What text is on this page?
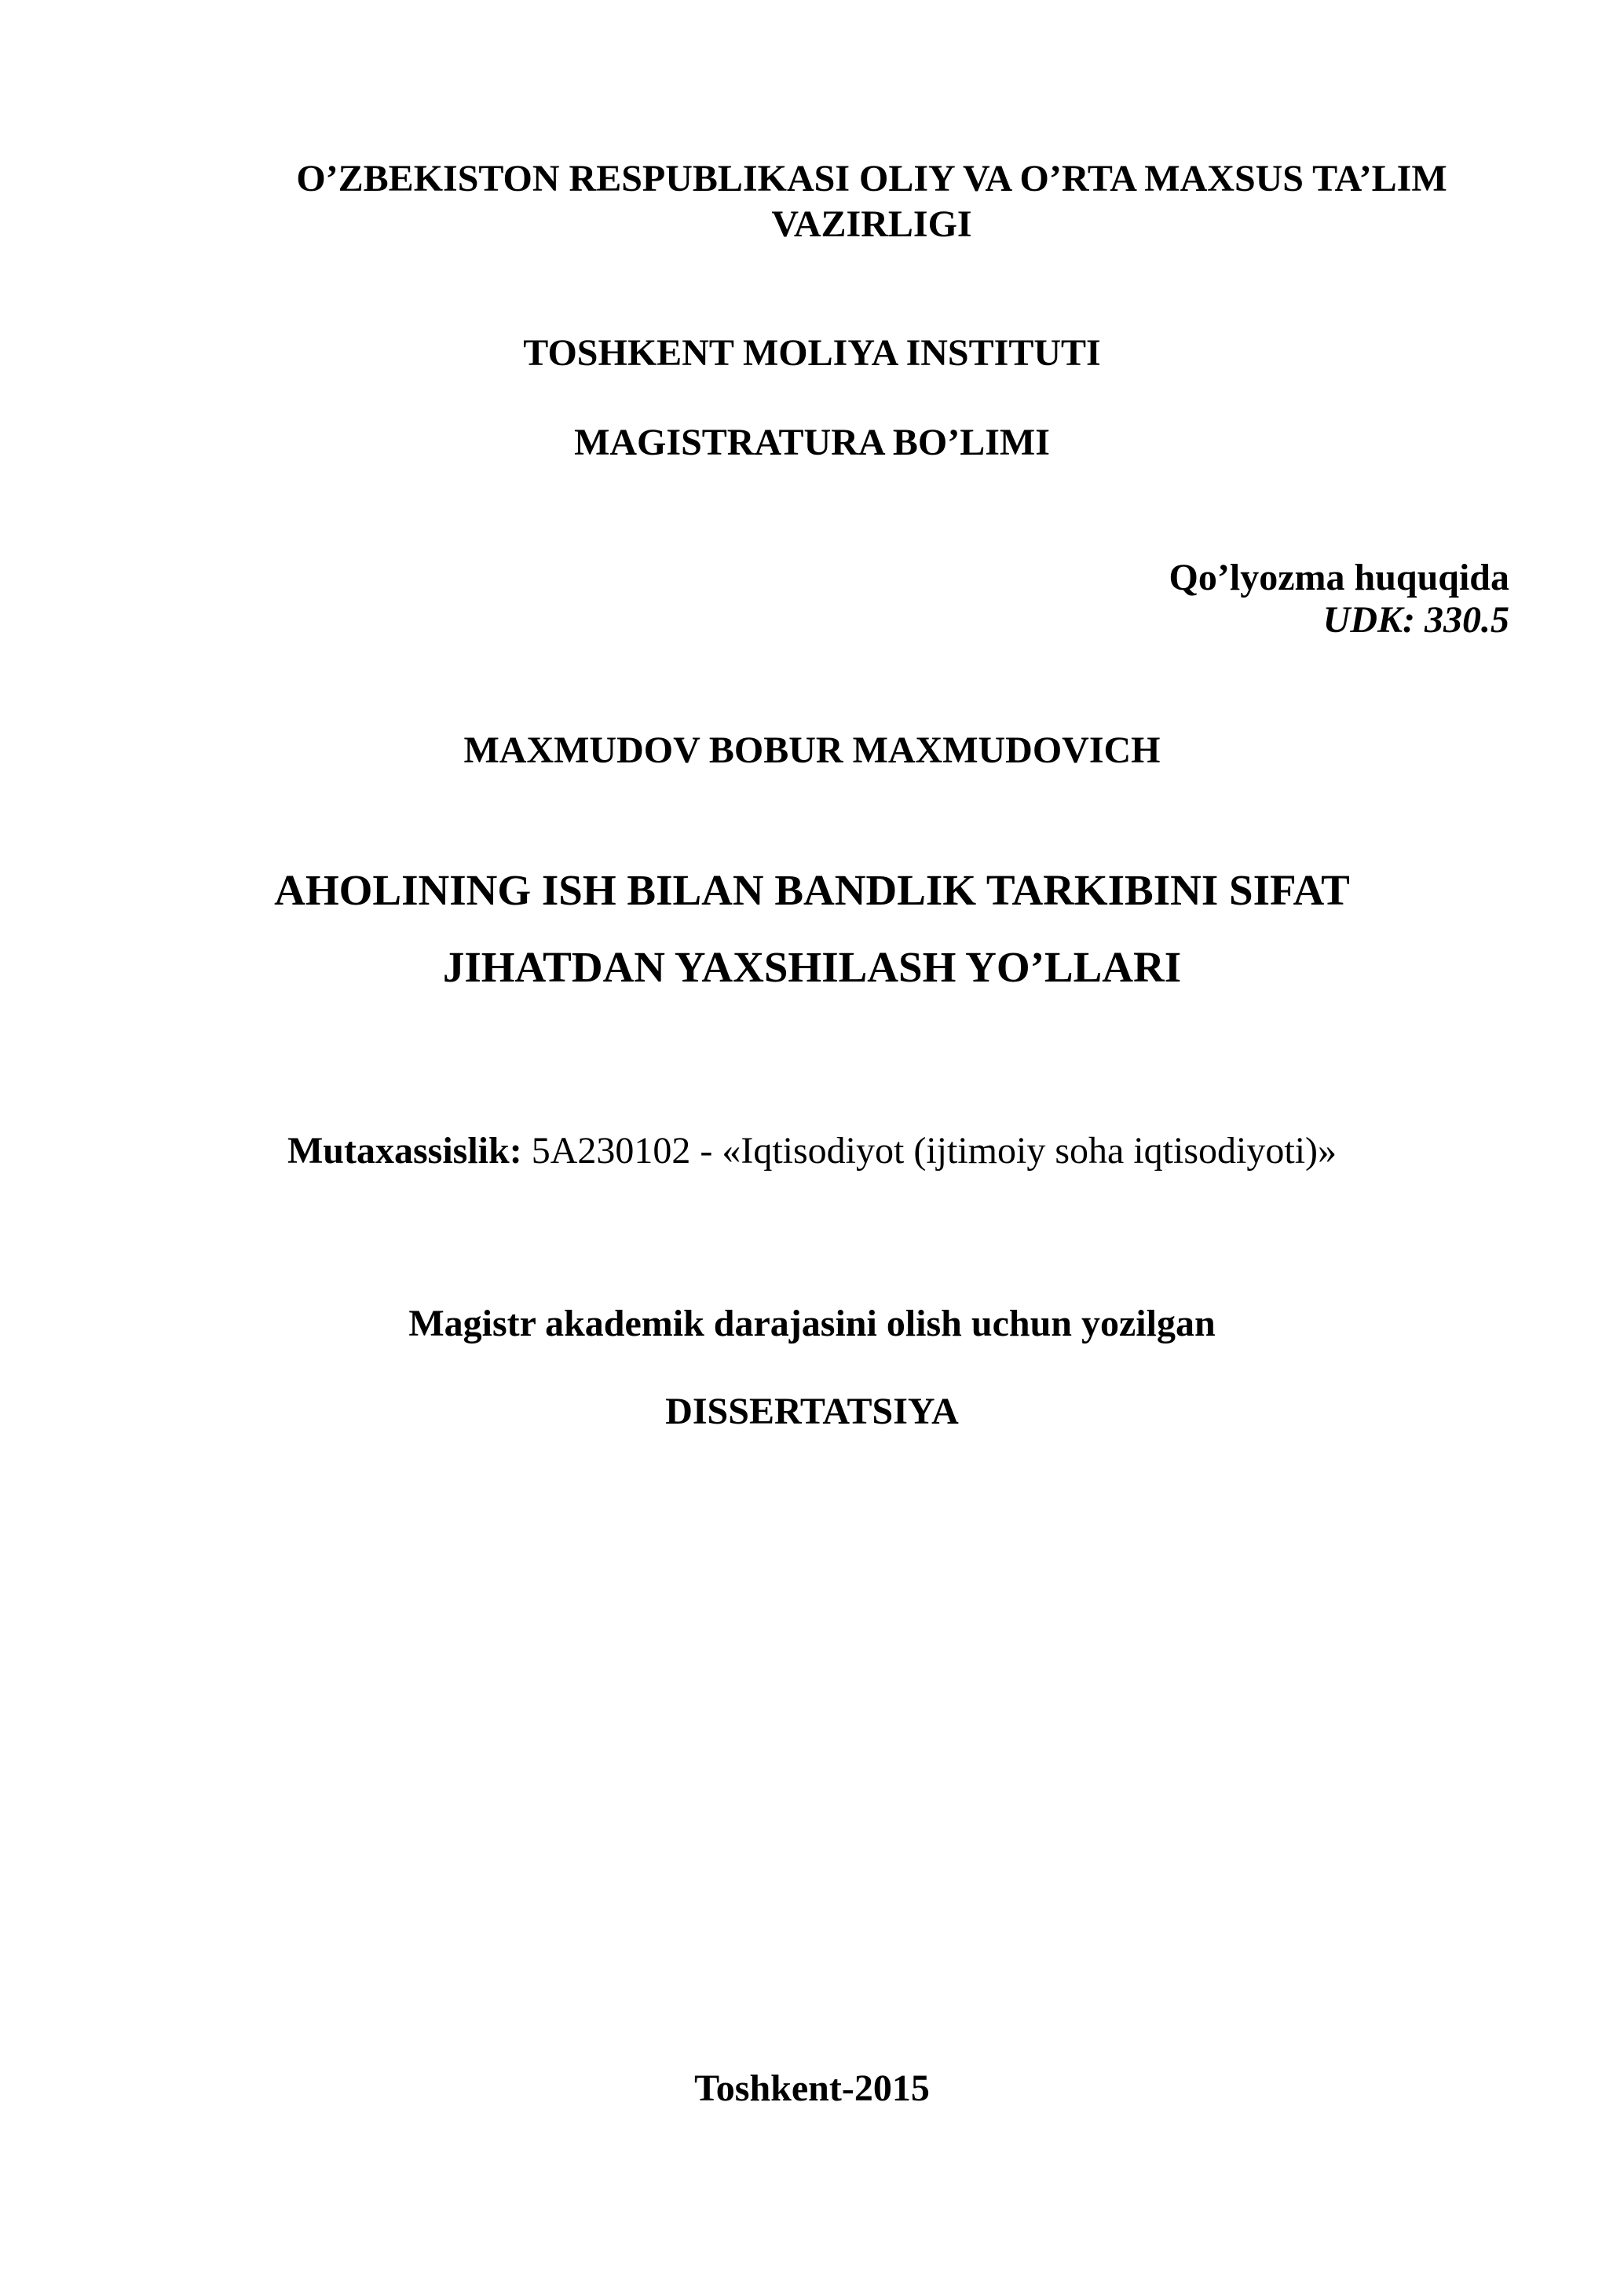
O’ZBEKISTON RESPUBLIKASI OLIY VA O’RTA MAXSUS TA’LIM
VAZIRLIGI
TOSHKENT MOLIYA INSTITUTI
MAGISTRATURA BO’LIMI
Qo’lyozma huquqida
UDK: 330.5
MAXMUDOV BOBUR MAXMUDOVICH
AHOLINING ISH BILAN BANDLIK TARKIBINI SIFAT
JIHATDAN YAXSHILASH YO’LLARI
Mutaxassislik: 5A230102 - «Iqtisodiyot (ijtimoiy soha iqtisodiyoti)»
Magistr akademik darajasini olish uchun yozilgan
DISSERTATSIYA
Toshkent-2015
